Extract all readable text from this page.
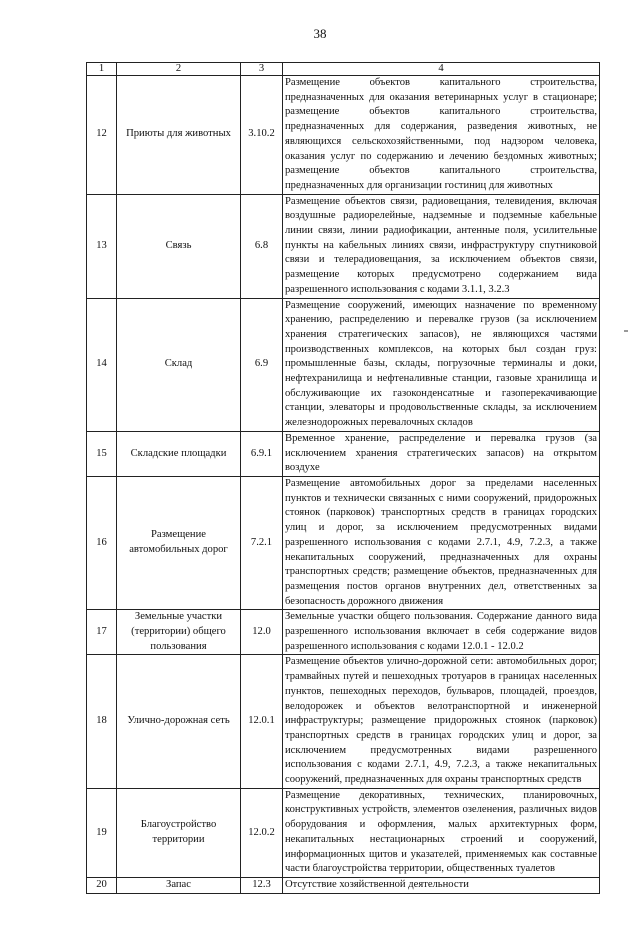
38
1	2	3	4
12	Приюты для животных	3.10.2	Размещение объектов капитального строительства, предназначенных для оказания ветеринарных услуг в стационаре; размещение объектов капитального строительства, предназначенных для содержания, разведения животных, не являющихся сельскохозяйственными, под надзором человека, оказания услуг по содержанию и лечению бездомных животных; размещение объектов капитального строительства, предназначенных для организации гостиниц для животных
13	Связь	6.8	Размещение объектов связи, радиовещания, телевидения, включая воздушные радиорелейные, надземные и подземные кабельные линии связи, линии радиофикации, антенные поля, усилительные пункты на кабельных линиях связи, инфраструктуру спутниковой связи и телерадиовещания, за исключением объектов связи, размещение которых предусмотрено содержанием вида разрешенного использования с кодами 3.1.1, 3.2.3
14	Склад	6.9	Размещение сооружений, имеющих назначение по временному хранению, распределению и перевалке грузов (за исключением хранения стратегических запасов), не являющихся частями производственных комплексов, на которых был создан груз: промышленные базы, склады, погрузочные терминалы и доки, нефтехранилища и нефтеналивные станции, газовые хранилища и обслуживающие их газоконденсатные и газоперекачивающие станции, элеваторы и продовольственные склады, за исключением железнодорожных перевалочных складов
15	Складские площадки	6.9.1	Временное хранение, распределение и перевалка грузов (за исключением хранения стратегических запасов) на открытом воздухе
16	Размещение автомобильных дорог	7.2.1	Размещение автомобильных дорог за пределами населенных пунктов и технически связанных с ними сооружений, придорожных стоянок (парковок) транспортных средств в границах городских улиц и дорог, за исключением предусмотренных видами разрешенного использования с кодами 2.7.1, 4.9, 7.2.3, а также некапитальных сооружений, предназначенных для охраны транспортных средств; размещение объектов, предназначенных для размещения постов органов внутренних дел, ответственных за безопасность дорожного движения
17	Земельные участки (территории) общего пользования	12.0	Земельные участки общего пользования. Содержание данного вида разрешенного использования включает в себя содержание видов разрешенного использования с кодами 12.0.1 - 12.0.2
18	Улично-дорожная сеть	12.0.1	Размещение объектов улично-дорожной сети: автомобильных дорог, трамвайных путей и пешеходных тротуаров в границах населенных пунктов, пешеходных переходов, бульваров, площадей, проездов, велодорожек и объектов велотранспортной и инженерной инфраструктуры; размещение придорожных стоянок (парковок) транспортных средств в границах городских улиц и дорог, за исключением предусмотренных видами разрешенного использования с кодами 2.7.1, 4.9, 7.2.3, а также некапитальных сооружений, предназначенных для охраны транспортных средств
19	Благоустройство территории	12.0.2	Размещение декоративных, технических, планировочных, конструктивных устройств, элементов озеленения, различных видов оборудования и оформления, малых архитектурных форм, некапитальных нестационарных строений и сооружений, информационных щитов и указателей, применяемых как составные части благоустройства территории, общественных туалетов
20	Запас	12.3	Отсутствие хозяйственной деятельности
